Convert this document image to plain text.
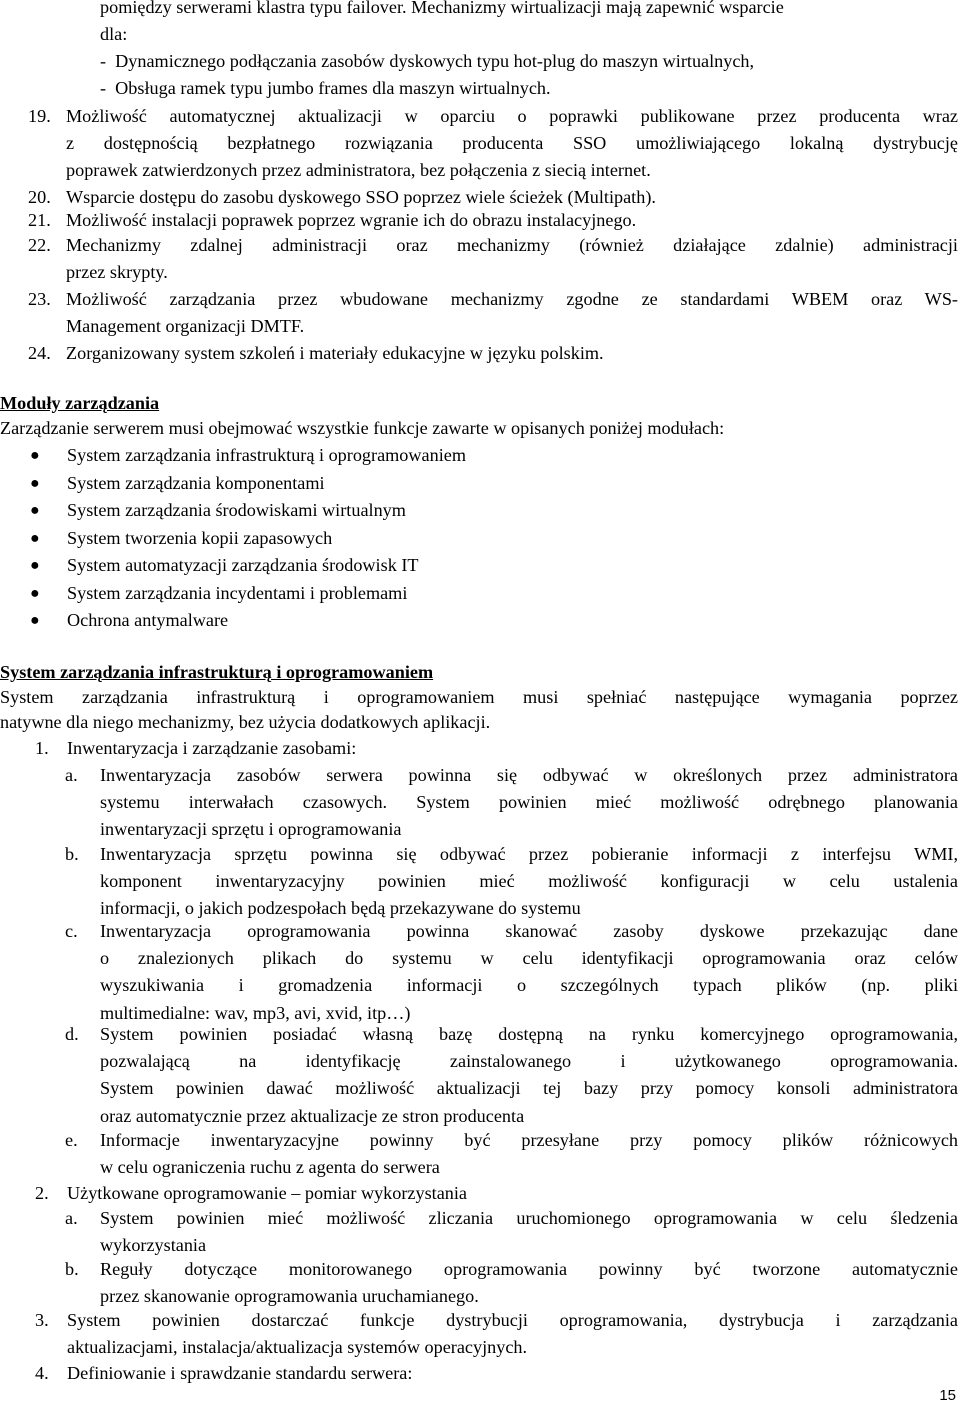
pomiędzy serwerami klastra typu failover. Mechanizmy wirtualizacji mają zapewnić wsparcie
dla:
-  Dynamicznego podłączania zasobów dyskowych typu hot-plug do maszyn wirtualnych,
-  Obsługa ramek typu jumbo frames dla maszyn wirtualnych.
19. Możliwość automatycznej aktualizacji w oparciu o poprawki publikowane przez producenta wraz
z dostępnością bezpłatnego rozwiązania producenta SSO umożliwiającego lokalną dystrybucję
poprawek zatwierdzonych przez administratora, bez połączenia z siecią internet.
20. Wsparcie dostępu do zasobu dyskowego SSO poprzez wiele ścieżek (Multipath).
21. Możliwość instalacji poprawek poprzez wgranie ich do obrazu instalacyjnego.
22. Mechanizmy zdalnej administracji oraz mechanizmy (również działające zdalnie) administracji
przez skrypty.
23. Możliwość zarządzania przez wbudowane mechanizmy zgodne ze standardami WBEM oraz WS-
Management organizacji DMTF.
24. Zorganizowany system szkoleń i materiały edukacyjne w języku polskim.
Moduły zarządzania
Zarządzanie serwerem musi obejmować wszystkie funkcje zawarte w opisanych poniżej modułach:
● System zarządzania infrastrukturą i oprogramowaniem
● System zarządzania komponentami
● System zarządzania środowiskami wirtualnym
● System tworzenia kopii zapasowych
● System automatyzacji zarządzania środowisk IT
● System zarządzania incydentami i problemami
● Ochrona antymalware
System zarządzania infrastrukturą i oprogramowaniem
System zarządzania infrastrukturą i oprogramowaniem musi spełniać następujące wymagania poprzez
natywne dla niego mechanizmy, bez użycia dodatkowych aplikacji.
1. Inwentaryzacja i zarządzanie zasobami:
a. Inwentaryzacja zasobów serwera powinna się odbywać w określonych przez administratora
systemu interwałach czasowych. System powinien mieć możliwość odrębnego planowania
inwentaryzacji sprzętu i oprogramowania
b. Inwentaryzacja sprzętu powinna się odbywać przez pobieranie informacji z interfejsu WMI,
komponent inwentaryzacyjny powinien mieć możliwość konfiguracji w celu ustalenia
informacji, o jakich podzespołach będą przekazywane do systemu
c. Inwentaryzacja oprogramowania powinna skanować zasoby dyskowe przekazując dane
o znalezionych plikach do systemu w celu identyfikacji oprogramowania oraz celów
wyszukiwania i gromadzenia informacji o szczególnych typach plików (np. pliki
multimedialne: wav, mp3, avi, xvid, itp…)
d. System powinien posiadać własną bazę dostępną na rynku komercyjnego oprogramowania,
pozwalającą na identyfikację zainstalowanego i użytkowanego oprogramowania.
System powinien dawać możliwość aktualizacji tej bazy przy pomocy konsoli administratora
oraz automatycznie przez aktualizacje ze stron producenta
e. Informacje inwentaryzacyjne powinny być przesyłane przy pomocy plików różnicowych
w celu ograniczenia ruchu z agenta do serwera
2. Użytkowane oprogramowanie – pomiar wykorzystania
a. System powinien mieć możliwość zliczania uruchomionego oprogramowania w celu śledzenia
wykorzystania
b. Reguły dotyczące monitorowanego oprogramowania powinny być tworzone automatycznie
przez skanowanie oprogramowania uruchamianego.
3. System powinien dostarczać funkcje dystrybucji oprogramowania, dystrybucja i zarządzania
aktualizacjami, instalacja/aktualizacja systemów operacyjnych.
4. Definiowanie i sprawdzanie standardu serwera:
15
